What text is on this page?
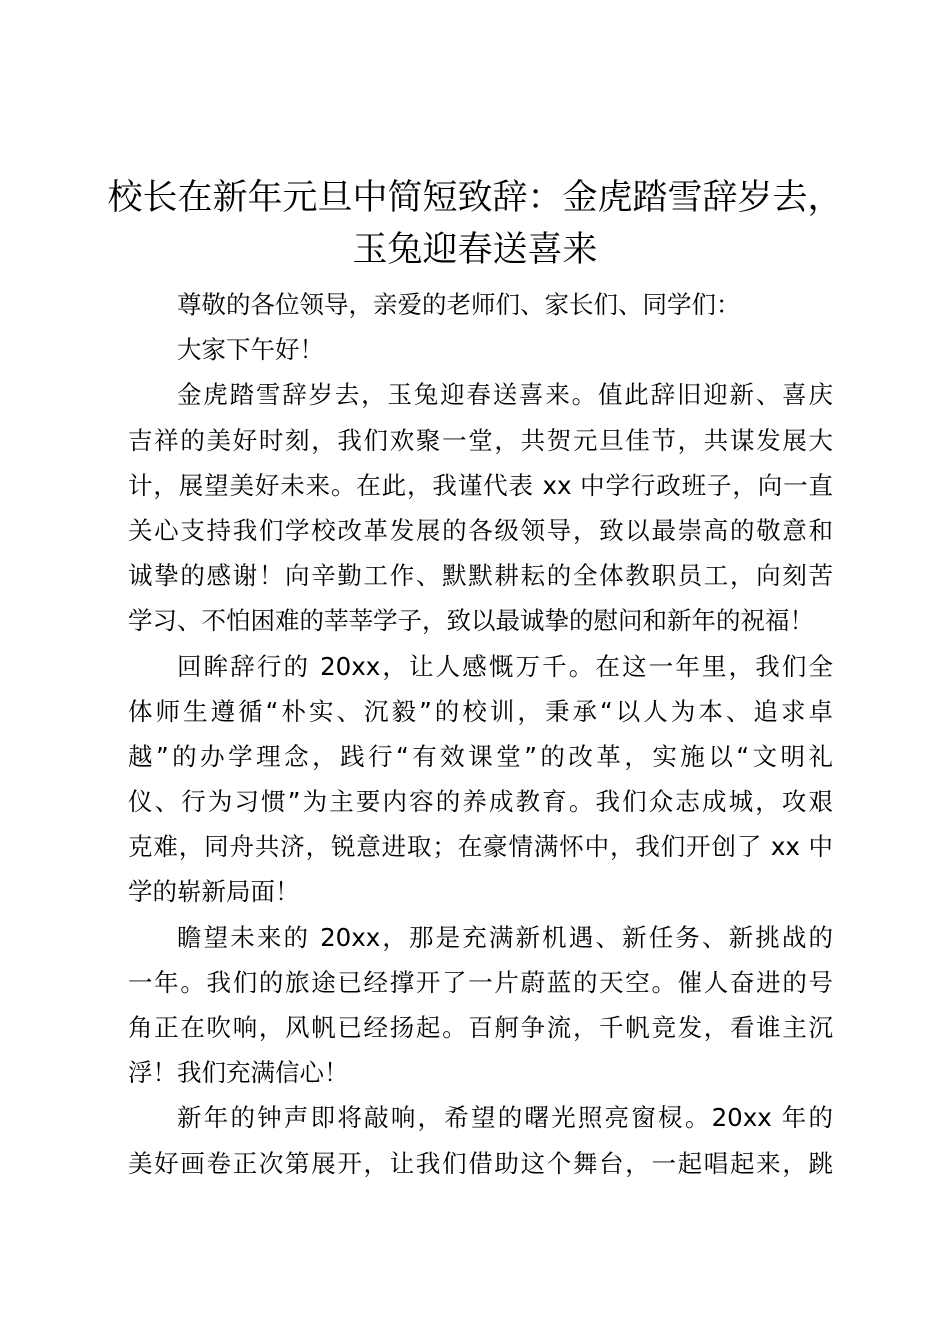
校长在新年元旦中简短致辞：金虎踏雪辞岁去，
玉兔迎春送喜来
尊敬的各位领导，亲爱的老师们、家长们、同学们：
大家下午好！
金虎踏雪辞岁去，玉兔迎春送喜来。值此辞旧迎新、喜庆
吉祥的美好时刻，我们欢聚一堂，共贺元旦佳节，共谋发展大
计，展望美好未来。在此，我谨代表 xx 中学行政班子，向一直
关心支持我们学校改革发展的各级领导，致以最崇高的敬意和
诚挚的感谢！向辛勤工作、默默耕耘的全体教职员工，向刻苦
学习、不怕困难的莘莘学子，致以最诚挚的慰问和新年的祝福！
回眸辞行的 20xx，让人感慨万千。在这一年里，我们全
体师生遵循“朴实、沉毅”的校训，秉承“以人为本、追求卓
越”的办学理念，践行“有效课堂”的改革，实施以“文明礼
仪、行为习惯”为主要内容的养成教育。我们众志成城，攻艰
克难，同舟共济，锐意进取；在豪情满怀中，我们开创了 xx 中
学的崭新局面！
瞻望未来的 20xx，那是充满新机遇、新任务、新挑战的
一年。我们的旅途已经撑开了一片蔚蓝的天空。催人奋进的号
角正在吹响，风帆已经扬起。百舸争流，千帆竞发，看谁主沉
浮！我们充满信心！
新年的钟声即将敲响，希望的曙光照亮窗棂。20xx 年的
美好画卷正次第展开，让我们借助这个舞台，一起唱起来，跳
